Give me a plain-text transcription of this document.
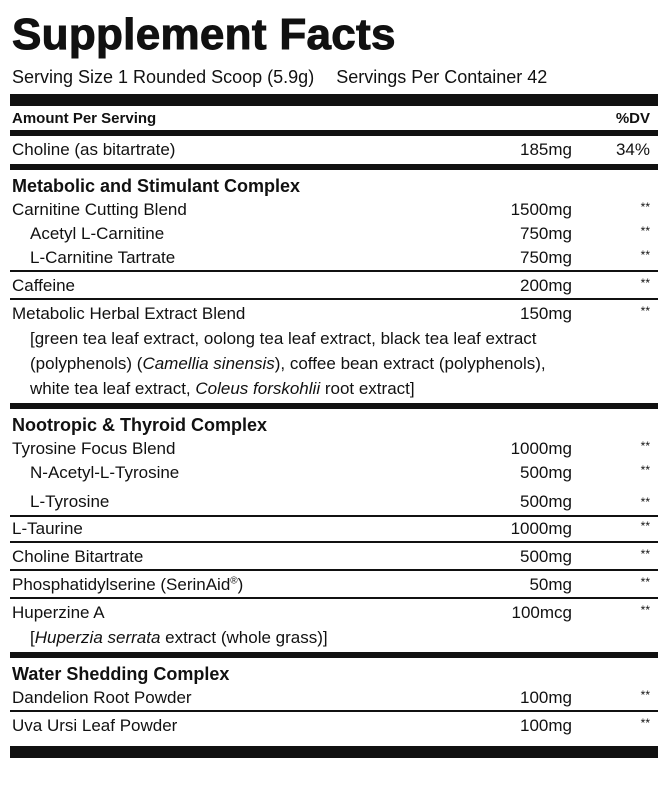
Supplement Facts
Serving Size 1 Rounded Scoop (5.9g) Servings Per Container 42
Amount Per Serving	%DV
Choline (as bitartrate)	185mg	34%
Metabolic and Stimulant Complex
Carnitine Cutting Blend	1500mg	**
Acetyl L-Carnitine	750mg	**
L-Carnitine Tartrate	750mg	**
Caffeine	200mg	**
Metabolic Herbal Extract Blend	150mg	**
[green tea leaf extract, oolong tea leaf extract, black tea leaf extract (polyphenols) (Camellia sinensis), coffee bean extract (polyphenols), white tea leaf extract, Coleus forskohlii root extract]
Nootropic & Thyroid Complex
Tyrosine Focus Blend	1000mg	**
N-Acetyl-L-Tyrosine	500mg	**
L-Tyrosine	500mg	**
L-Taurine	1000mg	**
Choline Bitartrate	500mg	**
Phosphatidylserine (SerinAid®)	50mg	**
Huperzine A	100mcg	**
[Huperzia serrata extract (whole grass)]
Water Shedding Complex
Dandelion Root Powder	100mg	**
Uva Ursi Leaf Powder	100mg	**
